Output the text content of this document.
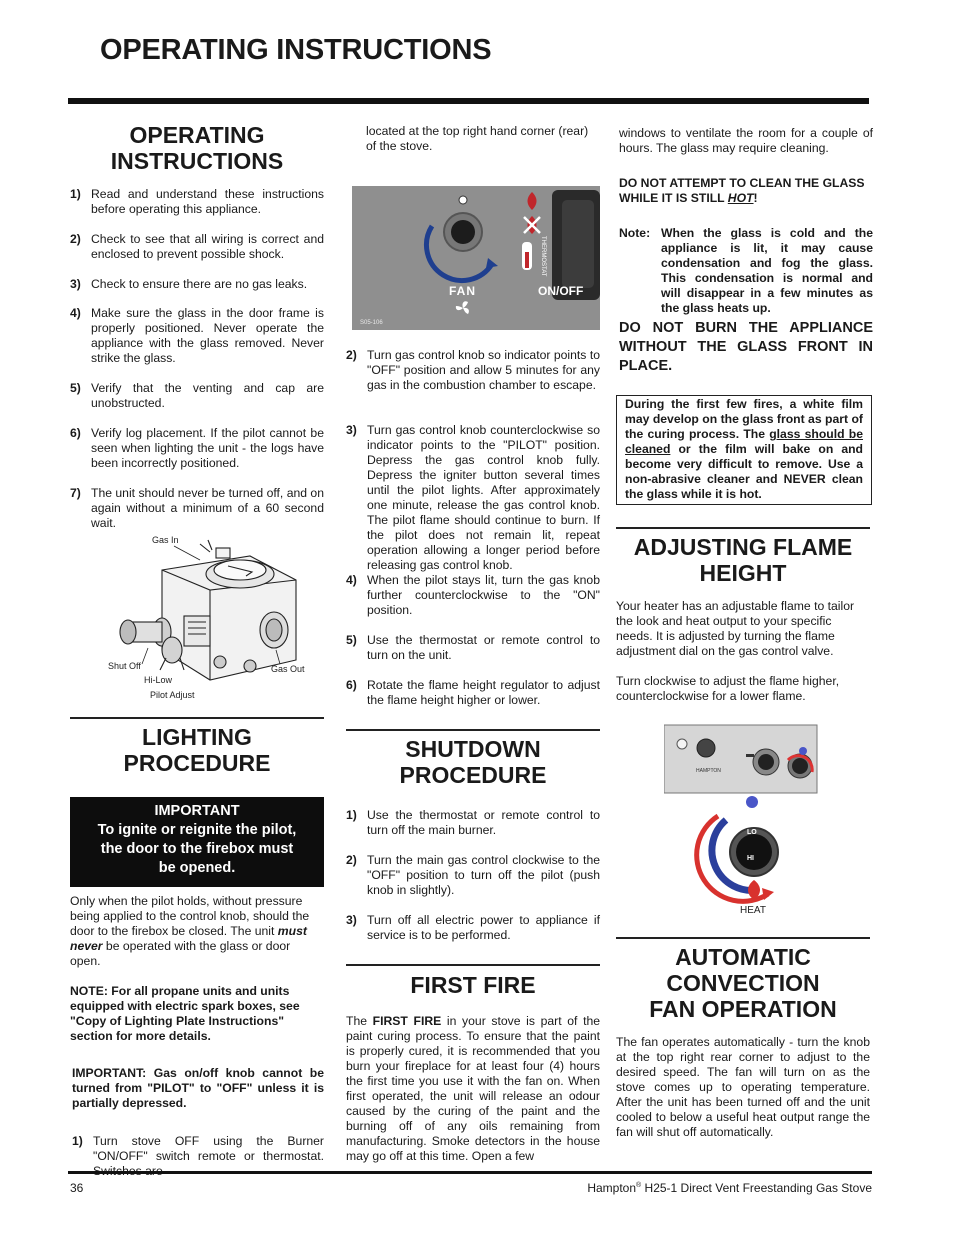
OPERATING INSTRUCTIONS
OPERATING
INSTRUCTIONS
1) Read and understand these instructions before operating this appliance.
2) Check to see that all wiring is correct and enclosed to prevent possible shock.
3) Check to ensure there are no gas leaks.
4) Make sure the glass in the door frame is properly positioned. Never operate the appliance with the glass removed. Never strike the glass.
5) Verify that the venting and cap are unobstructed.
6) Verify log placement. If the pilot cannot be seen when lighting the unit - the logs have been incorrectly positioned.
7) The unit should never be turned off, and on again without a minimum of a 60 second wait.
Gas In
Shut Off
Hi-Low
Pilot Adjust
Gas Out
LIGHTING
PROCEDURE
IMPORTANT
To ignite or reignite the pilot,
the door to the firebox must
be opened.
Only when the pilot holds, without pressure being applied to the control knob, should the door to the firebox be closed. The unit must never be operated with the glass or door open.
NOTE: For all propane units and units equipped with electric spark boxes, see "Copy of Lighting Plate Instructions" section for more details.
IMPORTANT: Gas on/off knob cannot be turned from "PILOT" to "OFF" unless it is partially depressed.
1) Turn stove OFF using the Burner "ON/OFF" switch remote or thermostat.
located at the top right hand corner (rear) of the stove.
THERMOSTAT
FAN	ON/OFF
S05-106
2) Turn gas control knob so indicator points to "OFF" position and allow 5 minutes for any gas in the combustion chamber to escape.
3) Turn gas control knob counterclockwise so indicator points to the "PILOT" position. Depress the gas control knob fully. Depress the igniter button several times until the pilot lights. After approximately one minute, release the gas control knob. The pilot flame should continue to burn. If the pilot does not remain lit, repeat operation allowing a longer period before releasing gas control knob.
4) When the pilot stays lit, turn the gas knob further counterclockwise to the "ON" position.
5) Use the thermostat or remote control to turn on the unit.
6) Rotate the flame height regulator to adjust the flame height higher or lower.
SHUTDOWN
PROCEDURE
1) Use the thermostat or remote control to turn off the main burner.
2) Turn the main gas control clockwise to the "OFF" position to turn off the pilot (push knob in slightly).
3) Turn off all electric power to appliance if service is to be performed.
FIRST FIRE
The FIRST FIRE in your stove is part of the paint curing process. To ensure that the paint is properly cured, it is recommended that you burn your fireplace for at least four (4) hours the first time you use it with the fan on. When first operated, the unit will release an odour caused by the curing of the paint and the burning off of any oils remaining from manufacturing. Smoke detectors in the house may go off at this time. Open a few
windows to ventilate the room for a couple of hours. The glass may require cleaning.
DO NOT ATTEMPT TO CLEAN THE GLASS WHILE IT IS STILL HOT!
Note: When the glass is cold and the appliance is lit, it may cause condensation and fog the glass. This condensation is normal and will disappear in a few minutes as the glass heats up.
DO NOT BURN THE APPLIANCE WITHOUT THE GLASS FRONT IN PLACE.
During the first few fires, a white film may develop on the glass front as part of the curing process. The glass should be cleaned or the film will bake on and become very difficult to remove. Use a non-abrasive cleaner and NEVER clean the glass while it is hot.
ADJUSTING FLAME
HEIGHT
Your heater has an adjustable flame to tailor the look and heat output to your specific needs. It is adjusted by turning the flame adjustment dial on the gas control valve.
Turn clockwise to adjust the flame higher, counterclockwise for a lower flame.
HAMPTON
LO
HI
HEAT
AUTOMATIC
CONVECTION
FAN OPERATION
The fan operates automatically - turn the knob at the top right rear corner to adjust to the desired speed. The fan will turn on as the stove comes up to operating temperature. After the unit has been turned off and the unit cooled to below a useful heat output range the fan will shut off automatically.
36	Hampton® H25-1 Direct Vent Freestanding Gas Stove
